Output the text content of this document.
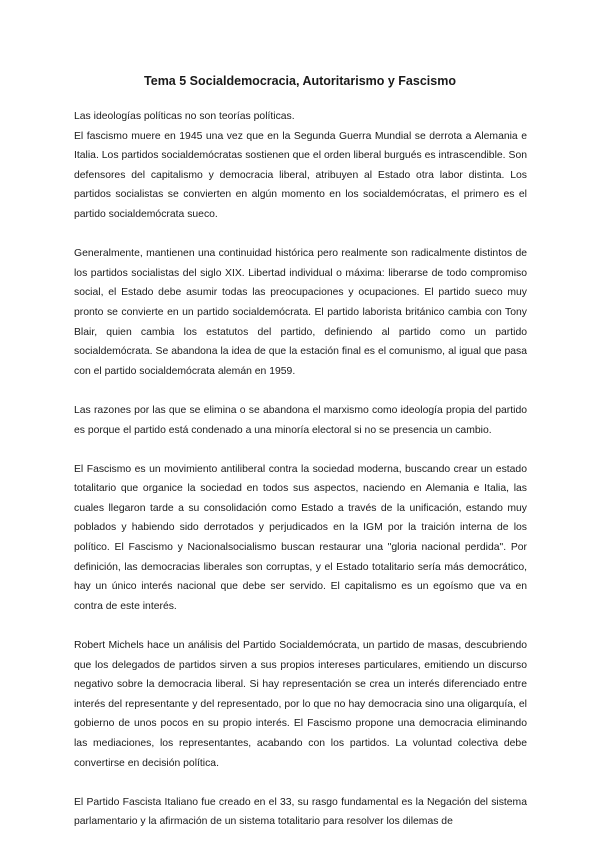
Tema 5 Socialdemocracia, Autoritarismo y Fascismo

Las ideologías políticas no son teorías políticas.

El fascismo muere en 1945 una vez que en la Segunda Guerra Mundial se derrota a Alemania e Italia. Los partidos socialdemócratas sostienen que el orden liberal burgués es intrascendible. Son defensores del capitalismo y democracia liberal, atribuyen al Estado otra labor distinta. Los partidos socialistas se convierten en algún momento en los socialdemócratas, el primero es el partido socialdemócrata sueco.

Generalmente, mantienen una continuidad histórica pero realmente son radicalmente distintos de los partidos socialistas del siglo XIX. Libertad individual o máxima: liberarse de todo compromiso social, el Estado debe asumir todas las preocupaciones y ocupaciones. El partido sueco muy pronto se convierte en un partido socialdemócrata. El partido laborista británico cambia con Tony Blair, quien cambia los estatutos del partido, definiendo al partido como un partido socialdemócrata. Se abandona la idea de que la estación final es el comunismo, al igual que pasa con el partido socialdemócrata alemán en 1959.

Las razones por las que se elimina o se abandona el marxismo como ideología propia del partido es porque el partido está condenado a una minoría electoral si no se presencia un cambio.

El Fascismo es un movimiento antiliberal contra la sociedad moderna, buscando crear un estado totalitario que organice la sociedad en todos sus aspectos, naciendo en Alemania e Italia, las cuales llegaron tarde a su consolidación como Estado a través de la unificación, estando muy poblados y habiendo sido derrotados y perjudicados en la IGM por la traición interna de los político. El Fascismo y Nacionalsocialismo buscan restaurar una "gloria nacional perdida". Por definición, las democracias liberales son corruptas, y el Estado totalitario sería más democrático, hay un único interés nacional que debe ser servido. El capitalismo es un egoísmo que va en contra de este interés.

Robert Michels hace un análisis del Partido Socialdemócrata, un partido de masas, descubriendo que los delegados de partidos sirven a sus propios intereses particulares, emitiendo un discurso negativo sobre la democracia liberal. Si hay representación se crea un interés diferenciado entre interés del representante y del representado, por lo que no hay democracia sino una oligarquía, el gobierno de unos pocos en su propio interés. El Fascismo propone una democracia eliminando las mediaciones, los representantes, acabando con los partidos. La voluntad colectiva debe convertirse en decisión política.

El Partido Fascista Italiano fue creado en el 33, su rasgo fundamental es la Negación del sistema parlamentario y la afirmación de un sistema totalitario para resolver los dilemas de
